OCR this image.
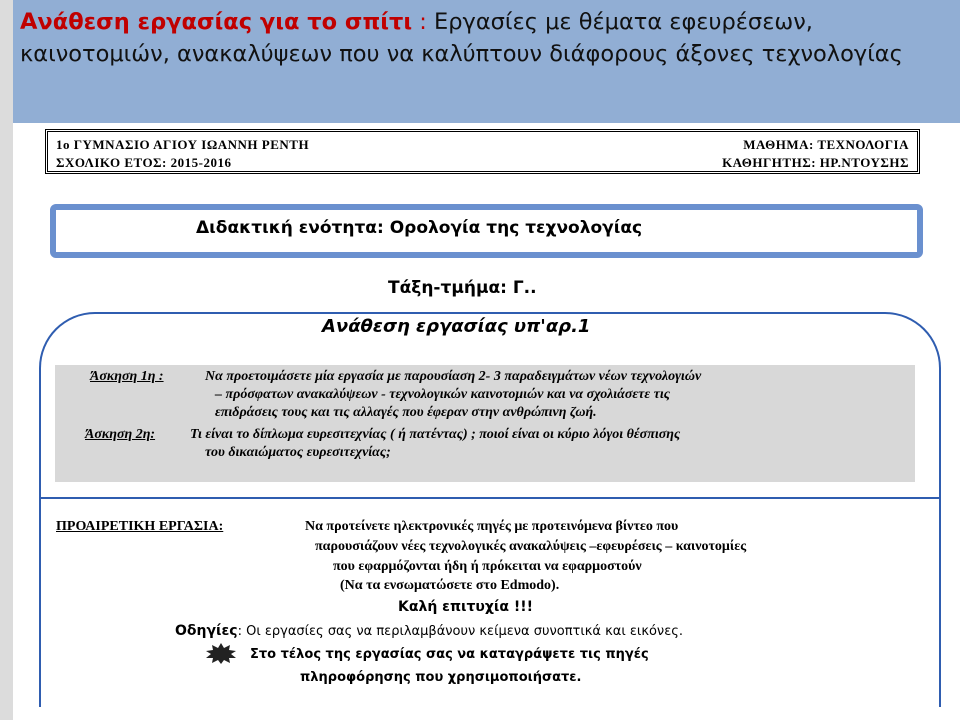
Ανάθεση εργασίας για το σπίτι : Εργασίες με θέματα εφευρέσεων, καινοτομιών, ανακαλύψεων που να καλύπτουν διάφορους άξονες τεχνολογίας

1ο ΓΥΜΝΑΣΙΟ ΑΓΙΟΥ ΙΩΑΝΝΗ ΡΕΝΤΗ	ΜΑΘΗΜΑ: ΤΕΧΝΟΛΟΓΙΑ
ΣΧΟΛΙΚΟ ΕΤΟΣ: 2015-2016	ΚΑΘΗΓΗΤΗΣ: ΗΡ.ΝΤΟΥΣΗΣ
Διδακτική ενότητα: Ορολογία της τεχνολογίας
Τάξη-τμήμα: Γ..
Ανάθεση εργασίας υπ'αρ.1
Άσκηση 1η :	Να προετοιμάσετε μία εργασία με παρουσίαση 2- 3 παραδειγμάτων νέων τεχνολογιών
– πρόσφατων ανακαλύψεων - τεχνολογικών καινοτομιών και να σχολιάσετε τις
επιδράσεις τους και τις αλλαγές που έφεραν στην ανθρώπινη ζωή.
Άσκηση 2η: Τι είναι το δίπλωμα ευρεσιτεχνίας ( ή πατέντας) ; ποιοί είναι οι κύριο λόγοι θέσπισης
του δικαιώματος ευρεσιτεχνίας;
ΠΡΟΑΙΡΕΤΙΚΗ ΕΡΓΑΣΙΑ:	Να προτείνετε ηλεκτρονικές πηγές με προτεινόμενα βίντεο που
παρουσιάζουν νέες τεχνολογικές ανακαλύψεις –εφευρέσεις – καινοτομίες
που εφαρμόζονται ήδη ή πρόκειται να εφαρμοστούν
(Να τα ενσωματώσετε στο Edmodo).
Καλή επιτυχία !!!
Οδηγίες: Οι εργασίες σας να περιλαμβάνουν κείμενα συνοπτικά και εικόνες.
Στο τέλος της εργασίας σας να καταγράψετε τις πηγές
πληροφόρησης που χρησιμοποιήσατε.
